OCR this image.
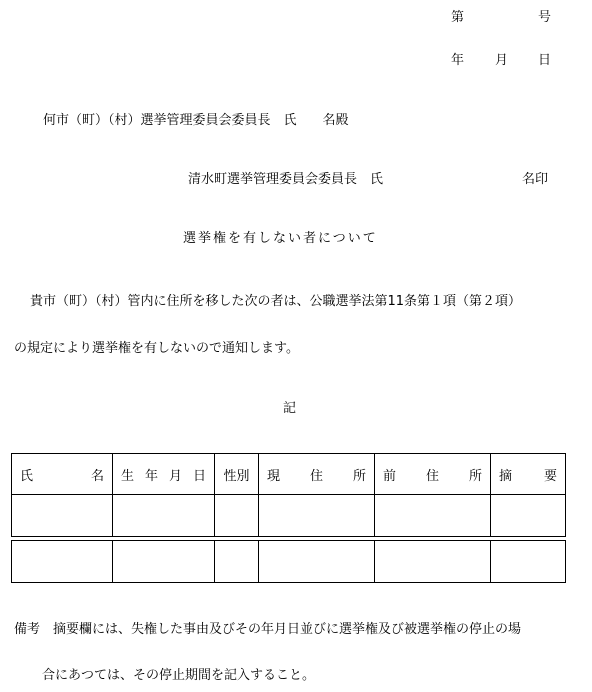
第	号
年 月 日
何市（町）（村）選挙管理委員会委員長　氏　　名殿
清水町選挙管理委員会委員長　氏	名印
選挙権を有しない者について
貴市（町）（村）管内に住所を移した次の者は、公職選挙法第11条第１項（第２項）
の規定により選挙権を有しないので通知します。
記
氏 名	生 年 月 日	性別	現 住 所	前 住 所	摘 要

備考　摘要欄には、失権した事由及びその年月日並びに選挙権及び被選挙権の停止の場
合にあつては、その停止期間を記入すること。
